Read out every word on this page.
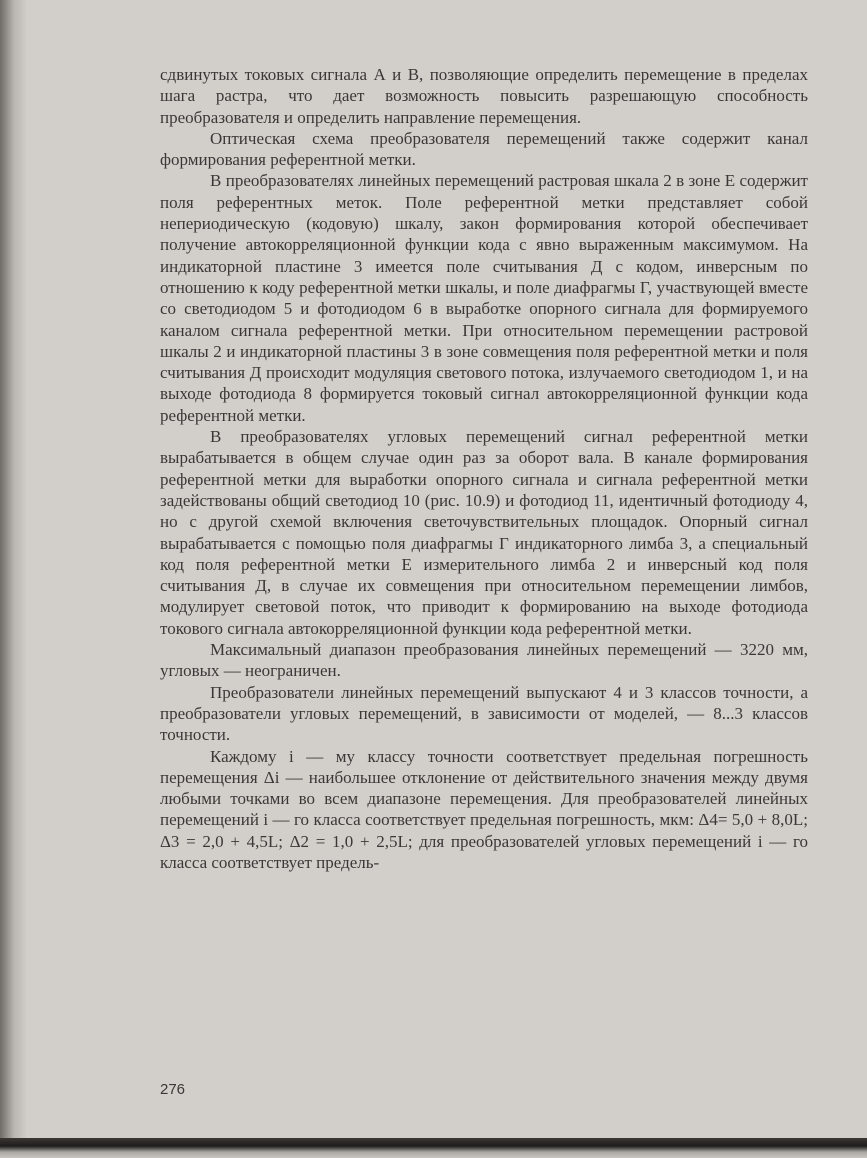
сдвинутых токовых сигнала А и В, позволяющие определить перемещение в пределах шага растра, что дает возможность повысить разрешающую способность преобразователя и определить направление перемещения.

Оптическая схема преобразователя перемещений также содержит канал формирования референтной метки.

В преобразователях линейных перемещений растровая шкала 2 в зоне Е содержит поля референтных меток. Поле референтной метки представляет собой непериодическую (кодовую) шкалу, закон формирования которой обеспечивает получение автокорреляционной функции кода с явно выраженным максимумом. На индикаторной пластине 3 имеется поле считывания Д с кодом, инверсным по отношению к коду референтной метки шкалы, и поле диафрагмы Г, участвующей вместе со светодиодом 5 и фотодиодом 6 в выработке опорного сигнала для формируемого каналом сигнала референтной метки. При относительном перемещении растровой шкалы 2 и индикаторной пластины 3 в зоне совмещения поля референтной метки и поля считывания Д происходит модуляция светового потока, излучаемого светодиодом 1, и на выходе фотодиода 8 формируется токовый сигнал автокорреляционной функции кода референтной метки.

В преобразователях угловых перемещений сигнал референтной метки вырабатывается в общем случае один раз за оборот вала. В канале формирования референтной метки для выработки опорного сигнала и сигнала референтной метки задействованы общий светодиод 10 (рис. 10.9) и фотодиод 11, идентичный фотодиоду 4, но с другой схемой включения светочувствительных площадок. Опорный сигнал вырабатывается с помощью поля диафрагмы Г индикаторного лимба 3, а специальный код поля референтной метки Е измерительного лимба 2 и инверсный код поля считывания Д, в случае их совмещения при относительном перемещении лимбов, модулирует световой поток, что приводит к формированию на выходе фотодиода токового сигнала автокорреляционной функции кода референтной метки.

Максимальный диапазон преобразования линейных перемещений — 3220 мм, угловых — неограничен.

Преобразователи линейных перемещений выпускают 4 и 3 классов точности, а преобразователи угловых перемещений, в зависимости от моделей, — 8...3 классов точности.

Каждому i — му классу точности соответствует предельная погрешность перемещения Δi — наибольшее отклонение от действительного значения между двумя любыми точками во всем диапазоне перемещения. Для преобразователей линейных перемещений i — го класса соответствует предельная погрешность, мкм: Δ4= 5,0 + 8,0L; Δ3 = 2,0 + 4,5L; Δ2 = 1,0 + 2,5L; для преобразователей угловых перемещений i — го класса соответствует предель-

276
